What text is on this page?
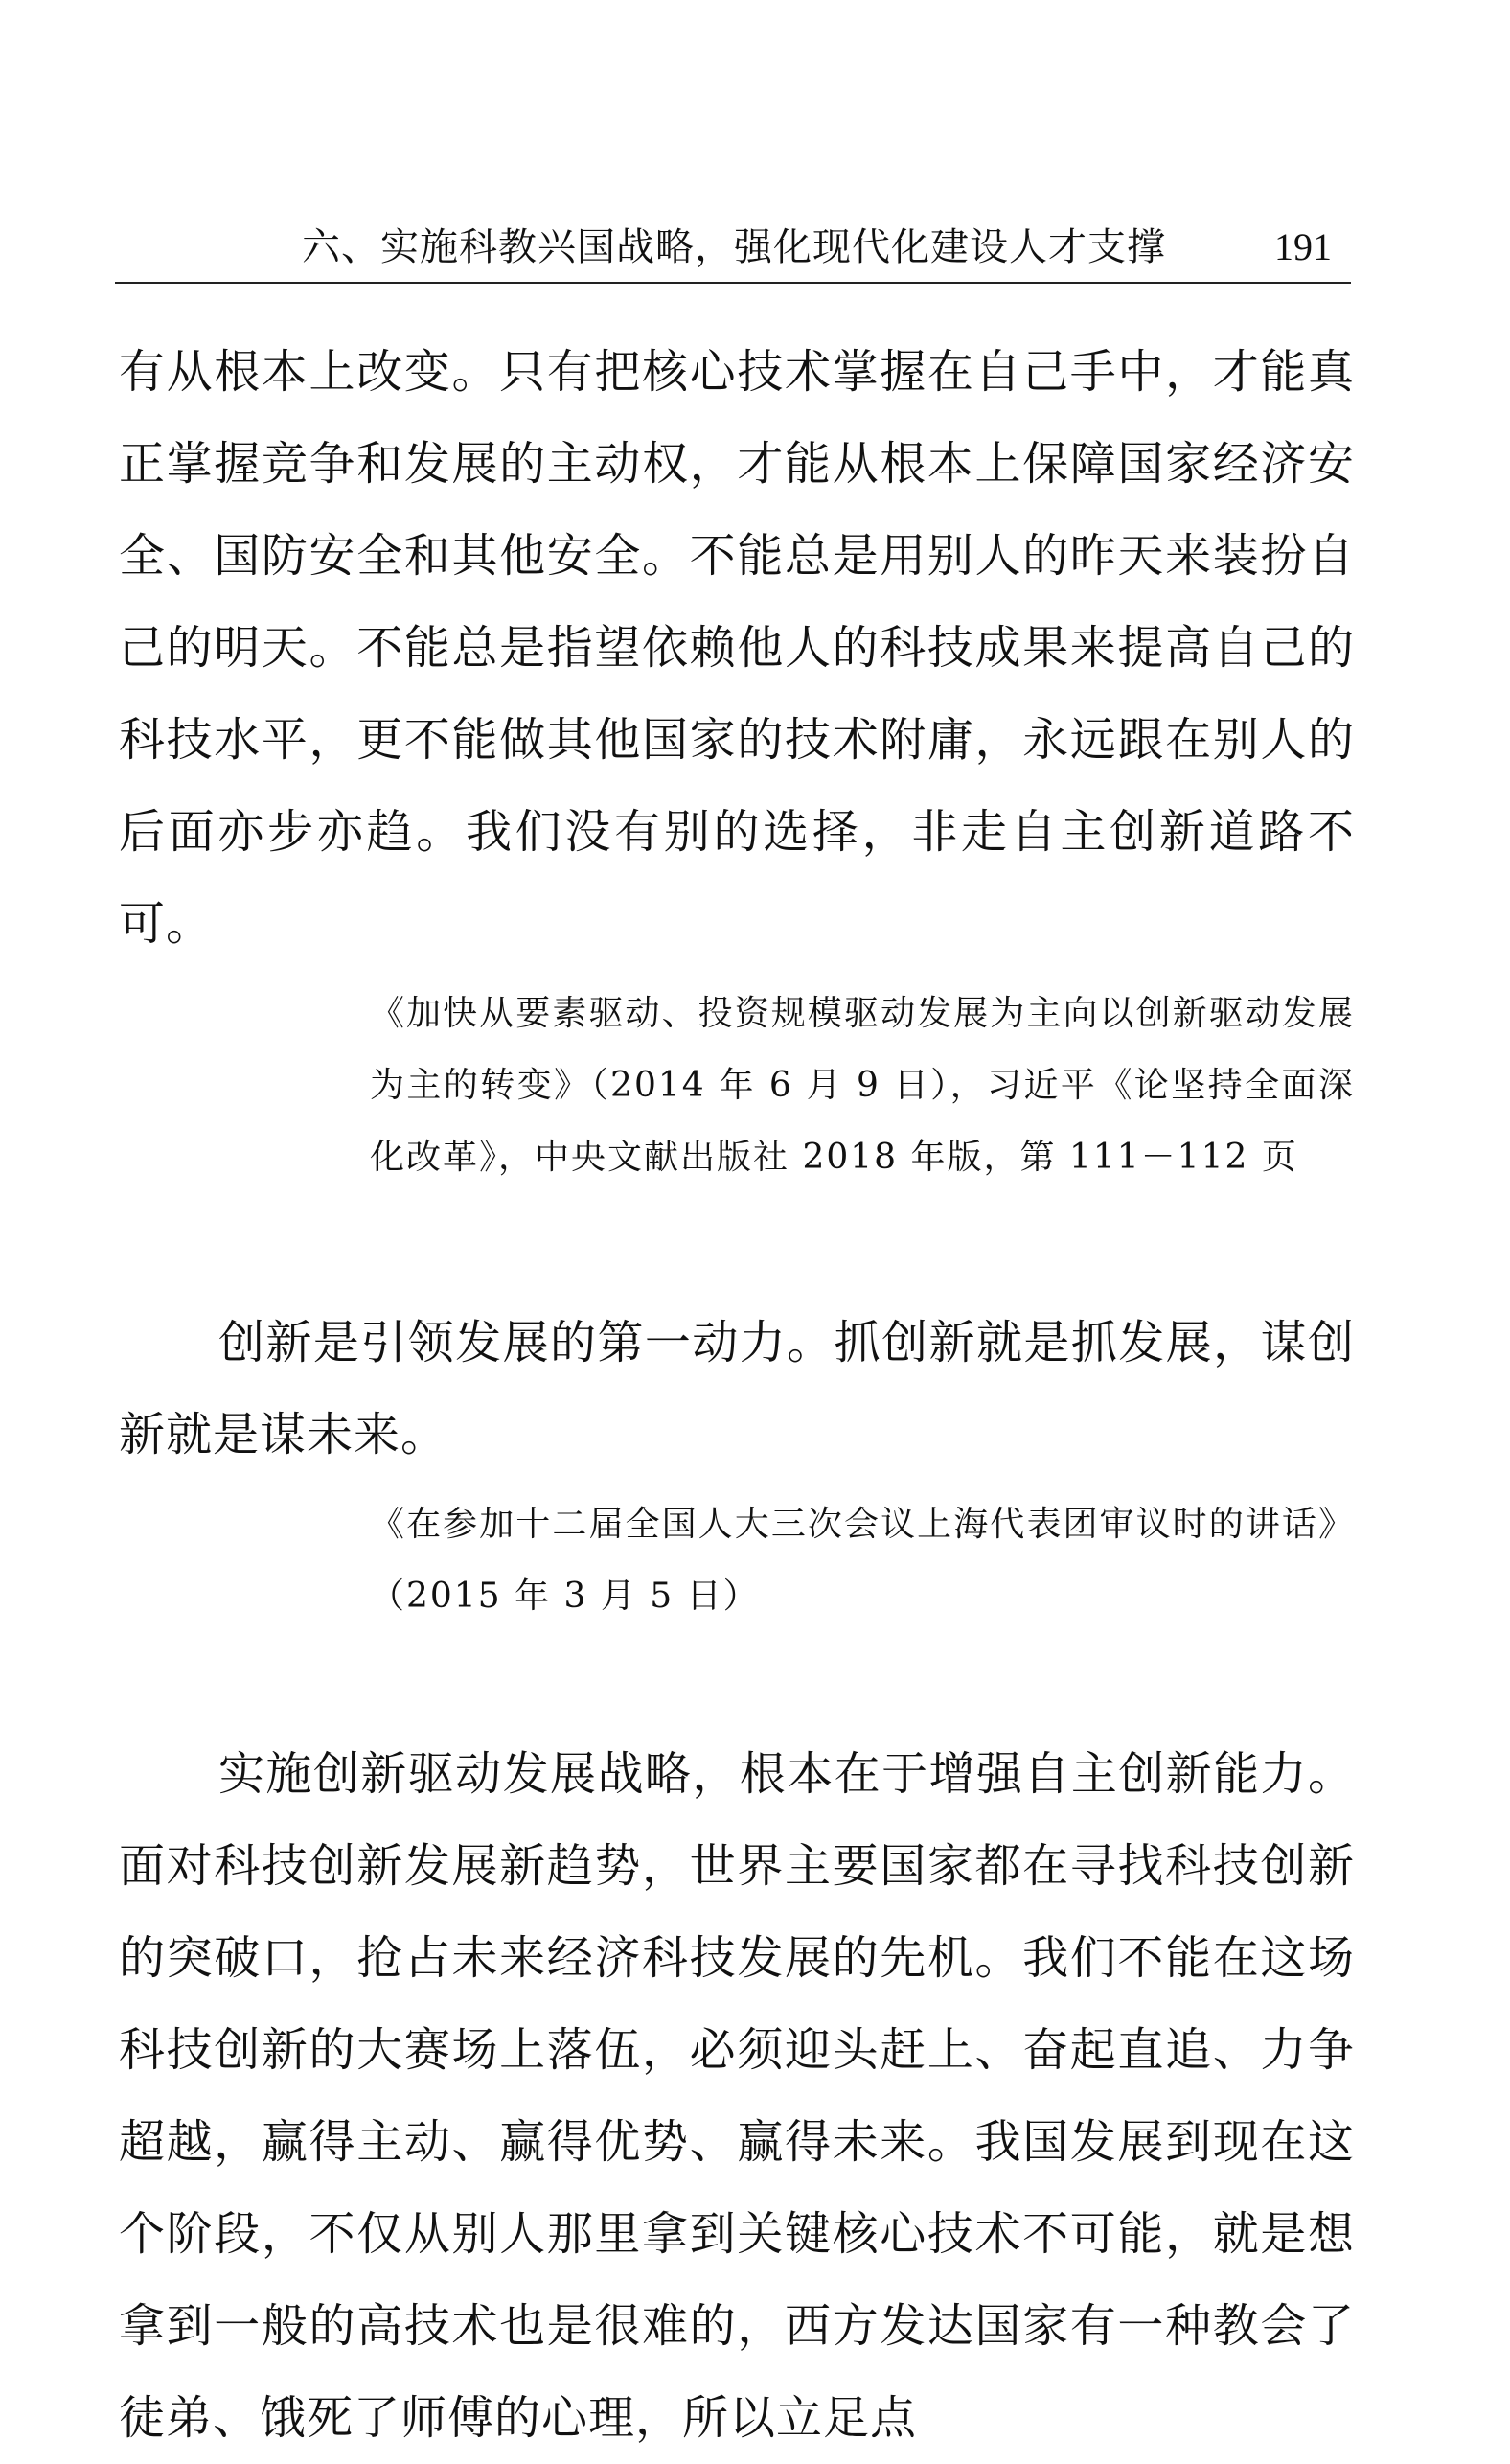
六、实施科教兴国战略，强化现代化建设人才支撑	191

有从根本上改变。只有把核心技术掌握在自己手中，才能真正掌握竞争和发展的主动权，才能从根本上保障国家经济安全、国防安全和其他安全。不能总是用别人的昨天来装扮自己的明天。不能总是指望依赖他人的科技成果来提高自己的科技水平，更不能做其他国家的技术附庸，永远跟在别人的后面亦步亦趋。我们没有别的选择，非走自主创新道路不可。

《加快从要素驱动、投资规模驱动发展为主向以创新驱动发展为主的转变》（2014 年 6 月 9 日），习近平《论坚持全面深化改革》，中央文献出版社 2018 年版，第 111－112 页

创新是引领发展的第一动力。抓创新就是抓发展，谋创新就是谋未来。

《在参加十二届全国人大三次会议上海代表团审议时的讲话》（2015 年 3 月 5 日）

实施创新驱动发展战略，根本在于增强自主创新能力。面对科技创新发展新趋势，世界主要国家都在寻找科技创新的突破口，抢占未来经济科技发展的先机。我们不能在这场科技创新的大赛场上落伍，必须迎头赶上、奋起直追、力争超越，赢得主动、赢得优势、赢得未来。我国发展到现在这个阶段，不仅从别人那里拿到关键核心技术不可能，就是想拿到一般的高技术也是很难的，西方发达国家有一种教会了徒弟、饿死了师傅的心理，所以立足点
